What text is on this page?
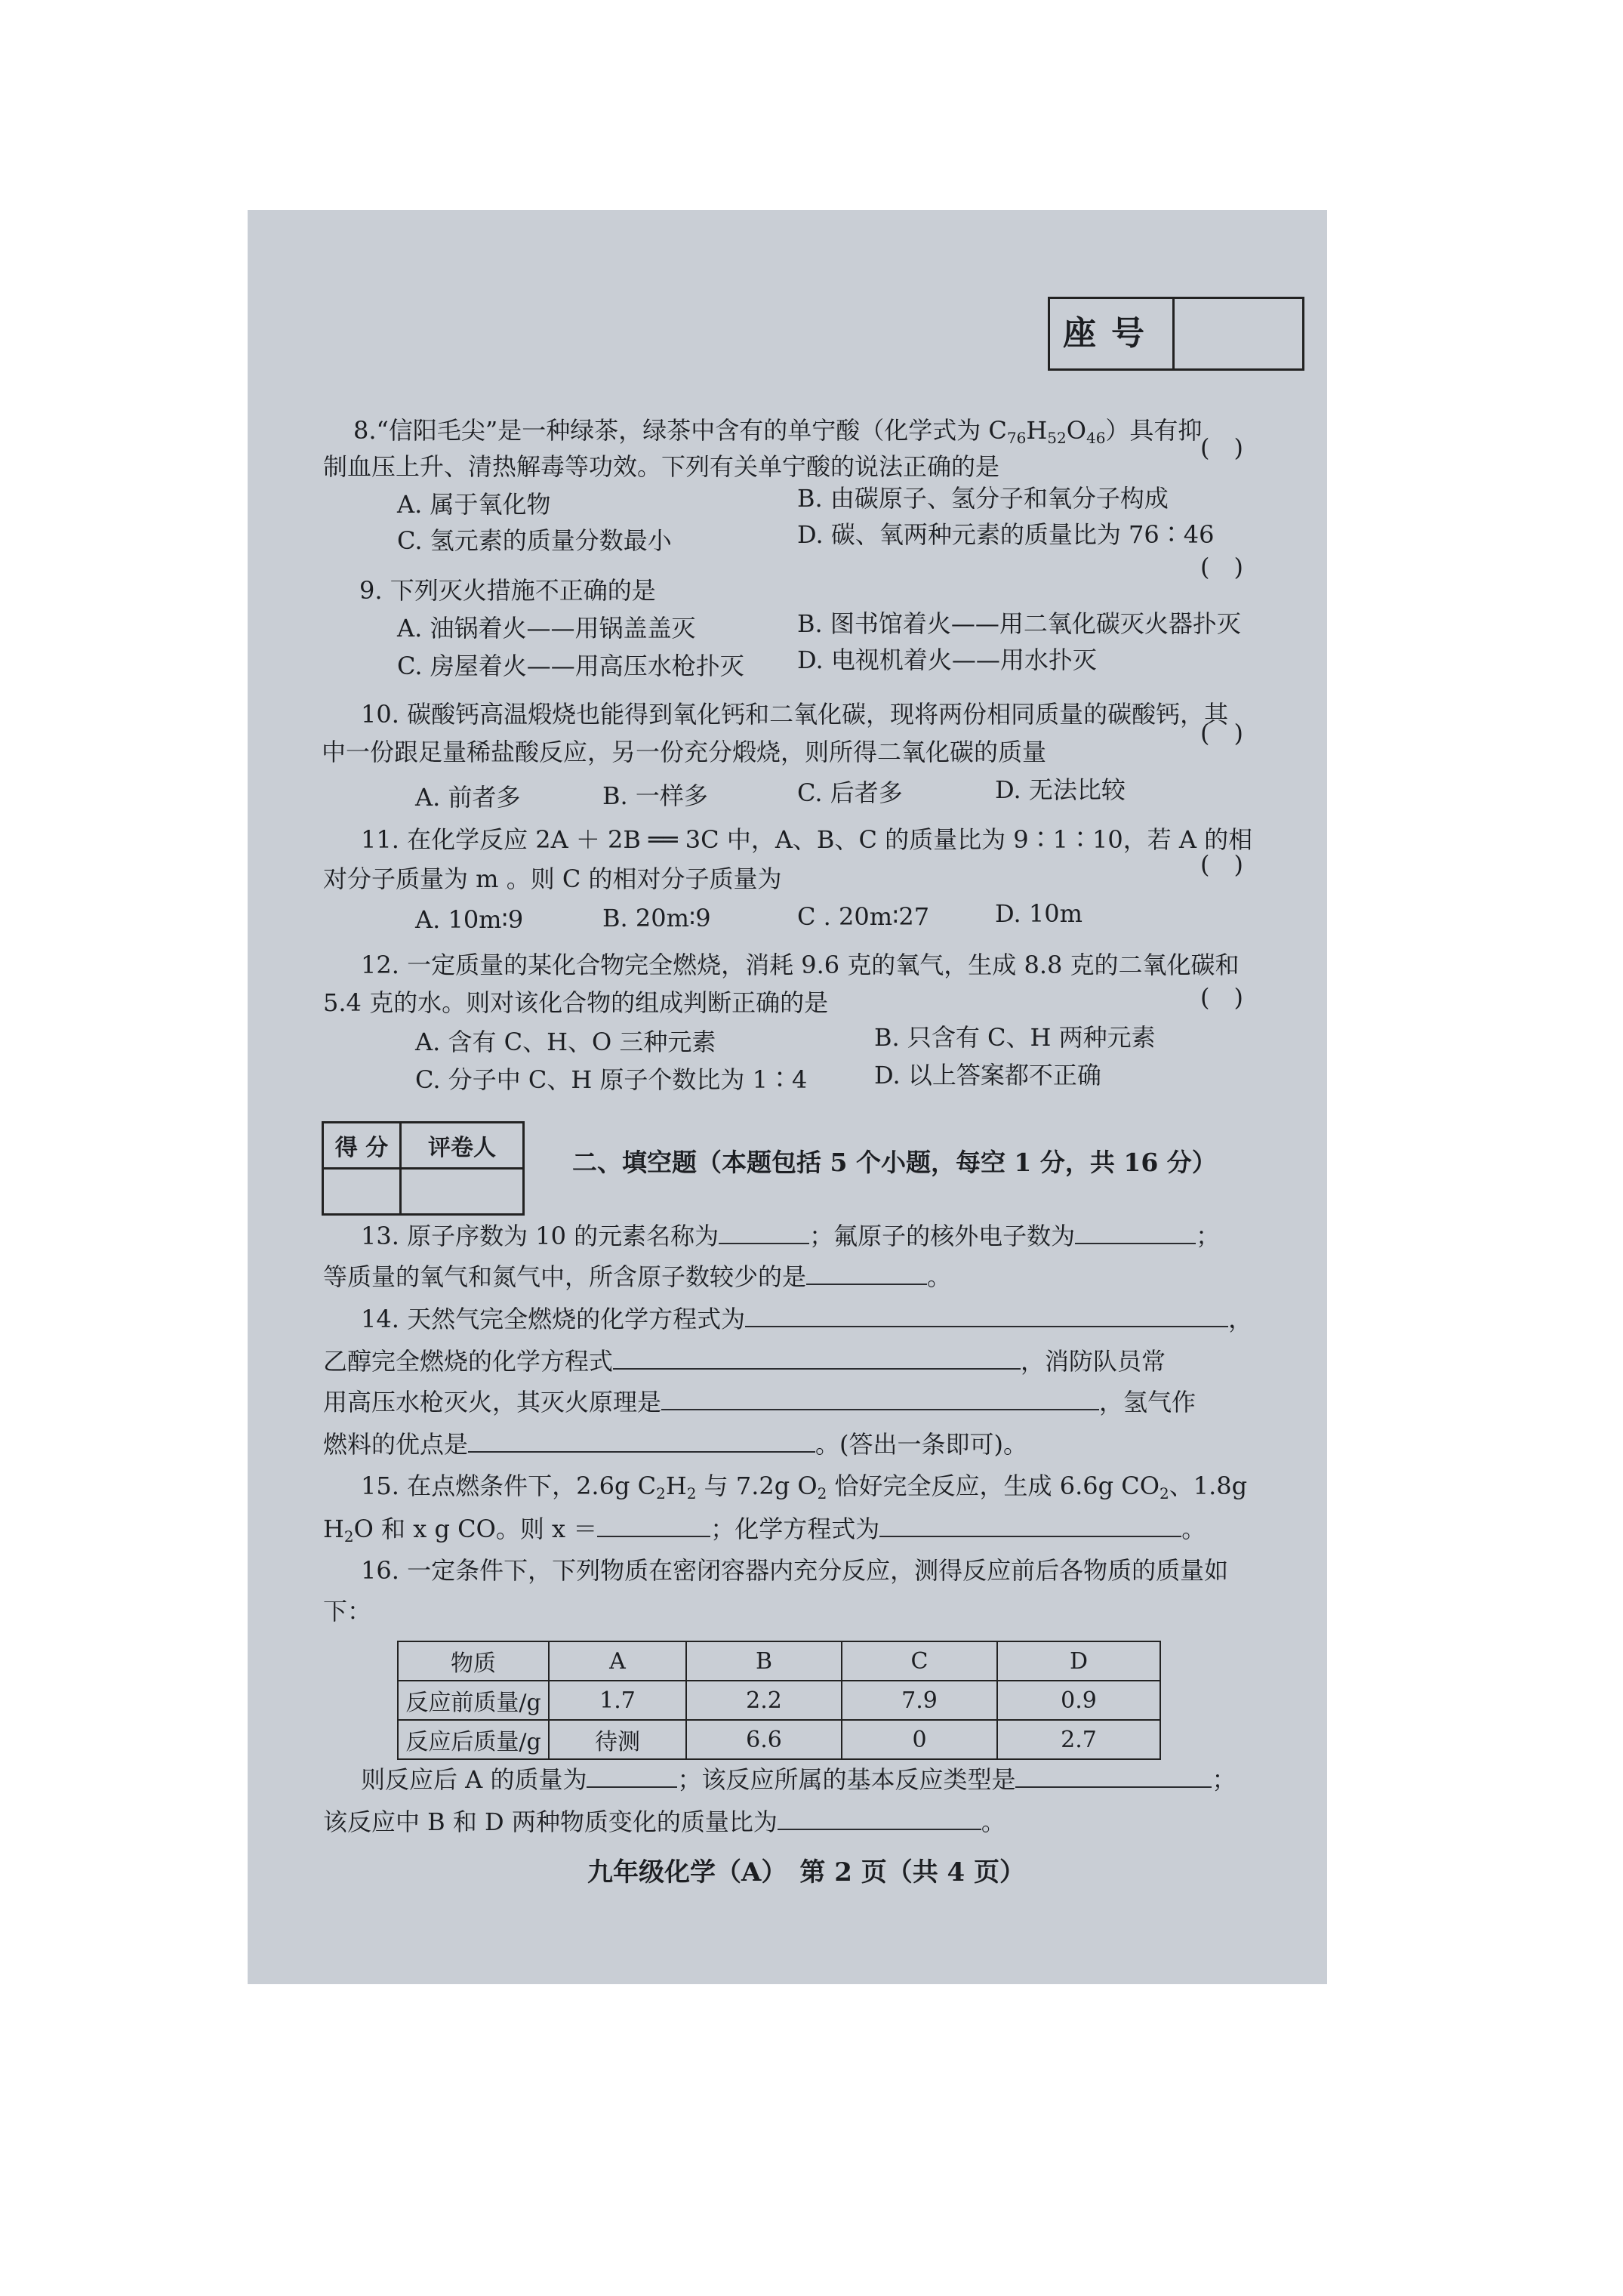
座号
8.“信阳毛尖”是一种绿茶，绿茶中含有的单宁酸（化学式为 $C_{76}H_{52}O_{46}$）具有抑
(　)
制血压上升、清热解毒等功效。下列有关单宁酸的说法正确的是
A. 属于氧化物	B. 由碳原子、氢分子和氧分子构成
C. 氢元素的质量分数最小	D. 碳、氧两种元素的质量比为 76∶46
9. 下列灭火措施不正确的是
(　)
A. 油锅着火——用锅盖盖灭	B. 图书馆着火——用二氧化碳灭火器扑灭
C. 房屋着火——用高压水枪扑灭 D. 电视机着火——用水扑灭
10. 碳酸钙高温煅烧也能得到氧化钙和二氧化碳，现将两份相同质量的碳酸钙，其
(　)
中一份跟足量稀盐酸反应，另一份充分煅烧，则所得二氧化碳的质量
A. 前者多	B. 一样多	C. 后者多	D. 无法比较
11. 在化学反应 2A ＋ 2B ══ 3C 中，A、B、C 的质量比为 9∶1∶10，若 A 的相
(　)
对分子质量为 m 。则 C 的相对分子质量为
A. 10m∶9	B. 20m∶9	C . 20m∶27	D. 10m
12. 一定质量的某化合物完全燃烧，消耗 9.6 克的氧气，生成 8.8 克的二氧化碳和
(　)
5.4 克的水。则对该化合物的组成判断正确的是
A. 含有 C、H、O 三种元素	B. 只含有 C、H 两种元素
C. 分子中 C、H 原子个数比为 1∶4	D. 以上答案都不正确
得 分	评卷人
		二、填空题（本题包括 5 个小题，每空 1 分，共 16 分）
13. 原子序数为 10 的元素名称为	；氟原子的核外电子数为	；
等质量的氧气和氮气中，所含原子数较少的是	。
14. 天然气完全燃烧的化学方程式为	，
乙醇完全燃烧的化学方程式	，消防队员常
用高压水枪灭火，其灭火原理是	，氢气作
燃料的优点是	。(答出一条即可)。
15. 在点燃条件下，2.6g $C_2H_2$ 与 7.2g $O_2$ 恰好完全反应，生成 6.6g $CO_2$、1.8g
$H_2O$ 和 x g CO。则 x ＝	；化学方程式为	。
16. 一定条件下，下列物质在密闭容器内充分反应，测得反应前后各物质的质量如
下：
物质	A	B	C	D
反应前质量/g	1.7	2.2	7.9	0.9
反应后质量/g	待测	6.6	0	2.7
则反应后 A 的质量为	；该反应所属的基本反应类型是	；
该反应中 B 和 D 两种物质变化的质量比为	。
九年级化学（A）　第 2 页（共 4 页）
